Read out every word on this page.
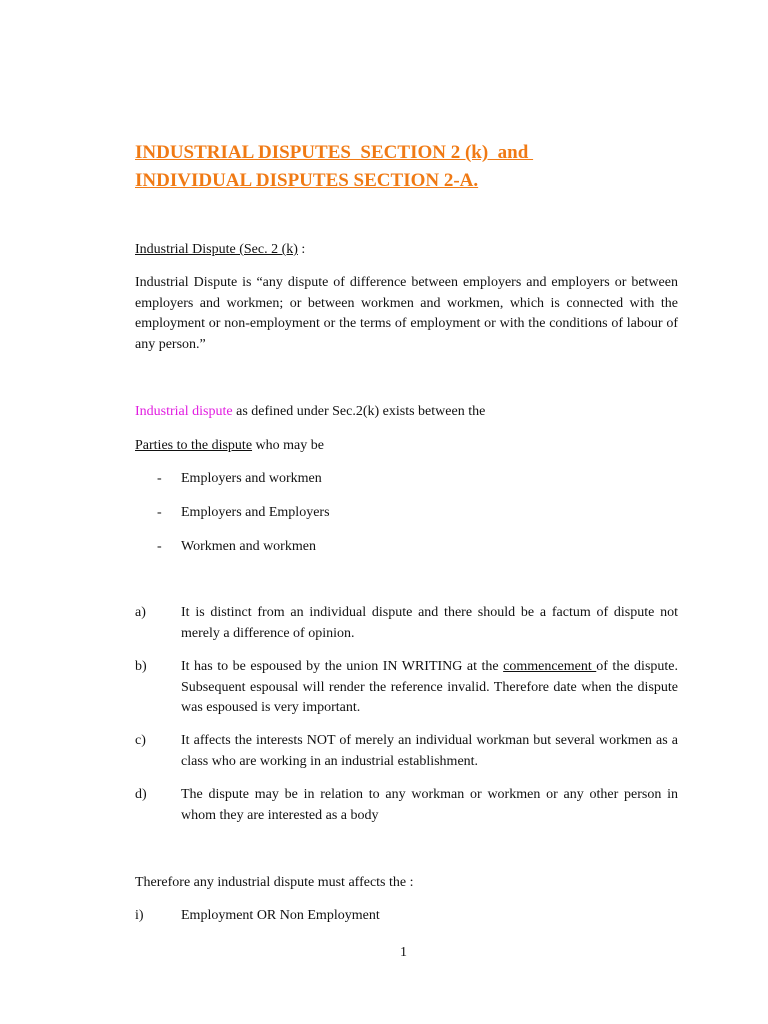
INDUSTRIAL DISPUTES  SECTION 2 (k)  and
INDIVIDUAL DISPUTES SECTION 2-A.
Industrial Dispute (Sec. 2 (k) :
Industrial Dispute is “any dispute of difference between employers and employers or between employers and workmen; or between workmen and workmen, which is connected with the employment or non-employment or the terms of employment or with the conditions of labour of any person.”
Industrial dispute as defined under Sec.2(k) exists between the
Parties to the dispute who may be
- Employers and workmen
- Employers and Employers
- Workmen and workmen
a)	It is distinct from an individual dispute and there should be a factum of dispute not merely a difference of opinion.
b) It has to be espoused by the union IN WRITING at the commencement of the dispute. Subsequent espousal will render the reference invalid. Therefore date when the dispute was espoused is very important.
c)	It affects the interests NOT of merely an individual workman but several workmen as a class who are working in an industrial establishment.
d) The dispute may be in relation to any workman or workmen or any other person in whom they are interested as a body
Therefore any industrial dispute must affects the :
i)	Employment OR Non Employment
1
